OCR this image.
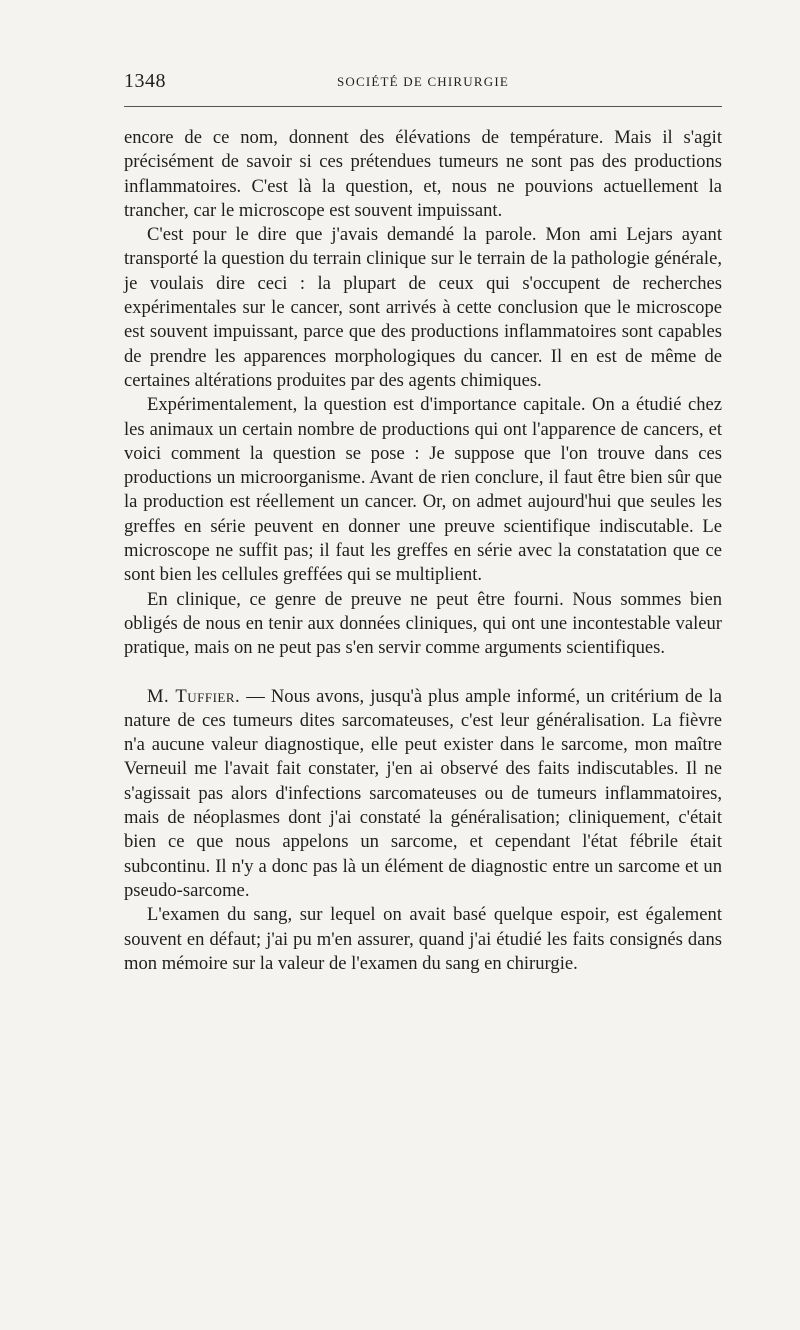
1348	SOCIÉTÉ DE CHIRURGIE

encore de ce nom, donnent des élévations de température. Mais il s'agit précisément de savoir si ces prétendues tumeurs ne sont pas des productions inflammatoires. C'est là la question, et, nous ne pouvions actuellement la trancher, car le microscope est souvent impuissant.

C'est pour le dire que j'avais demandé la parole. Mon ami Lejars ayant transporté la question du terrain clinique sur le terrain de la pathologie générale, je voulais dire ceci : la plupart de ceux qui s'occupent de recherches expérimentales sur le cancer, sont arrivés à cette conclusion que le microscope est souvent impuissant, parce que des productions inflammatoires sont capables de prendre les apparences morphologiques du cancer. Il en est de même de certaines altérations produites par des agents chimiques.

Expérimentalement, la question est d'importance capitale. On a étudié chez les animaux un certain nombre de productions qui ont l'apparence de cancers, et voici comment la question se pose : Je suppose que l'on trouve dans ces productions un microorganisme. Avant de rien conclure, il faut être bien sûr que la production est réellement un cancer. Or, on admet aujourd'hui que seules les greffes en série peuvent en donner une preuve scientifique indiscutable. Le microscope ne suffit pas; il faut les greffes en série avec la constatation que ce sont bien les cellules greffées qui se multiplient.

En clinique, ce genre de preuve ne peut être fourni. Nous sommes bien obligés de nous en tenir aux données cliniques, qui ont une incontestable valeur pratique, mais on ne peut pas s'en servir comme arguments scientifiques.

M. Tuffier. — Nous avons, jusqu'à plus ample informé, un critérium de la nature de ces tumeurs dites sarcomateuses, c'est leur généralisation. La fièvre n'a aucune valeur diagnostique, elle peut exister dans le sarcome, mon maître Verneuil me l'avait fait constater, j'en ai observé des faits indiscutables. Il ne s'agissait pas alors d'infections sarcomateuses ou de tumeurs inflammatoires, mais de néoplasmes dont j'ai constaté la généralisation; cliniquement, c'était bien ce que nous appelons un sarcome, et cependant l'état fébrile était subcontinu. Il n'y a donc pas là un élément de diagnostic entre un sarcome et un pseudo-sarcome.

L'examen du sang, sur lequel on avait basé quelque espoir, est également souvent en défaut; j'ai pu m'en assurer, quand j'ai étudié les faits consignés dans mon mémoire sur la valeur de l'examen du sang en chirurgie.
